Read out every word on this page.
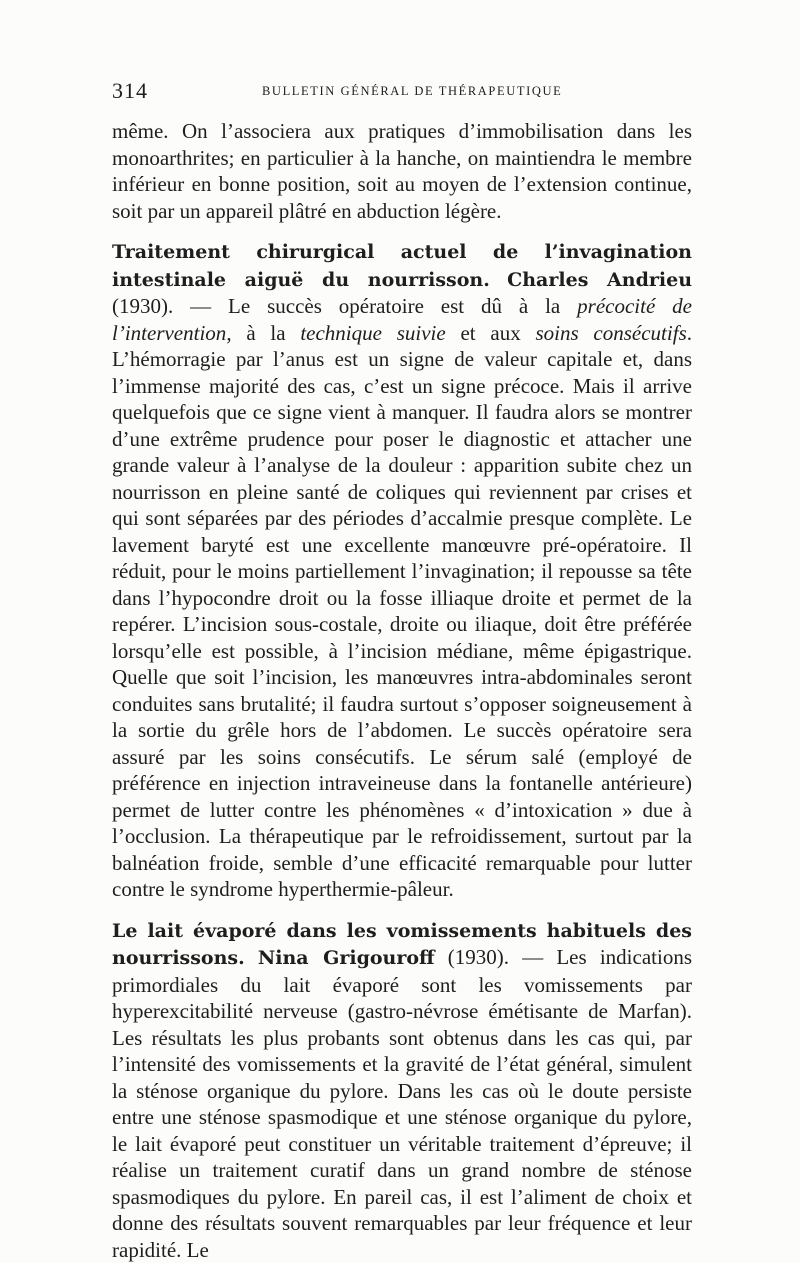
314	BULLETIN GÉNÉRAL DE THÉRAPEUTIQUE

même. On l’associera aux pratiques d’immobilisation dans les monoarthrites; en particulier à la hanche, on maintiendra le membre inférieur en bonne position, soit au moyen de l’extension continue, soit par un appareil plâtré en abduction légère.

Traitement chirurgical actuel de l’invagination intestinale aiguë du nourrisson. Charles Andrieu (1930). — Le succès opératoire est dû à la précocité de l’intervention, à la technique suivie et aux soins consécutifs. L’hémorragie par l’anus est un signe de valeur capitale et, dans l’immense majorité des cas, c’est un signe précoce. Mais il arrive quelquefois que ce signe vient à manquer. Il faudra alors se montrer d’une extrême prudence pour poser le diagnostic et attacher une grande valeur à l’analyse de la douleur : apparition subite chez un nourrisson en pleine santé de coliques qui reviennent par crises et qui sont séparées par des périodes d’accalmie presque complète. Le lavement baryté est une excellente manœuvre pré-opératoire. Il réduit, pour le moins partiellement l’invagination; il repousse sa tête dans l’hypocondre droit ou la fosse illiaque droite et permet de la repérer. L’incision sous-costale, droite ou iliaque, doit être préférée lorsqu’elle est possible, à l’incision médiane, même épigastrique. Quelle que soit l’incision, les manœuvres intra-abdominales seront conduites sans brutalité; il faudra surtout s’opposer soigneusement à la sortie du grêle hors de l’abdomen. Le succès opératoire sera assuré par les soins consécutifs. Le sérum salé (employé de préférence en injection intraveineuse dans la fontanelle antérieure) permet de lutter contre les phénomènes « d’intoxication » due à l’occlusion. La thérapeutique par le refroidissement, surtout par la balnéation froide, semble d’une efficacité remarquable pour lutter contre le syndrome hyperthermie-pâleur.

Le lait évaporé dans les vomissements habituels des nourrissons. Nina Grigouroff (1930). — Les indications primordiales du lait évaporé sont les vomissements par hyperexcitabilité nerveuse (gastro-névrose émétisante de Marfan). Les résultats les plus probants sont obtenus dans les cas qui, par l’intensité des vomissements et la gravité de l’état général, simulent la sténose organique du pylore. Dans les cas où le doute persiste entre une sténose spasmodique et une sténose organique du pylore, le lait évaporé peut constituer un véritable traitement d’épreuve; il réalise un traitement curatif dans un grand nombre de sténose spasmodiques du pylore. En pareil cas, il est l’aliment de choix et donne des résultats souvent remarquables par leur fréquence et leur rapidité. Le
